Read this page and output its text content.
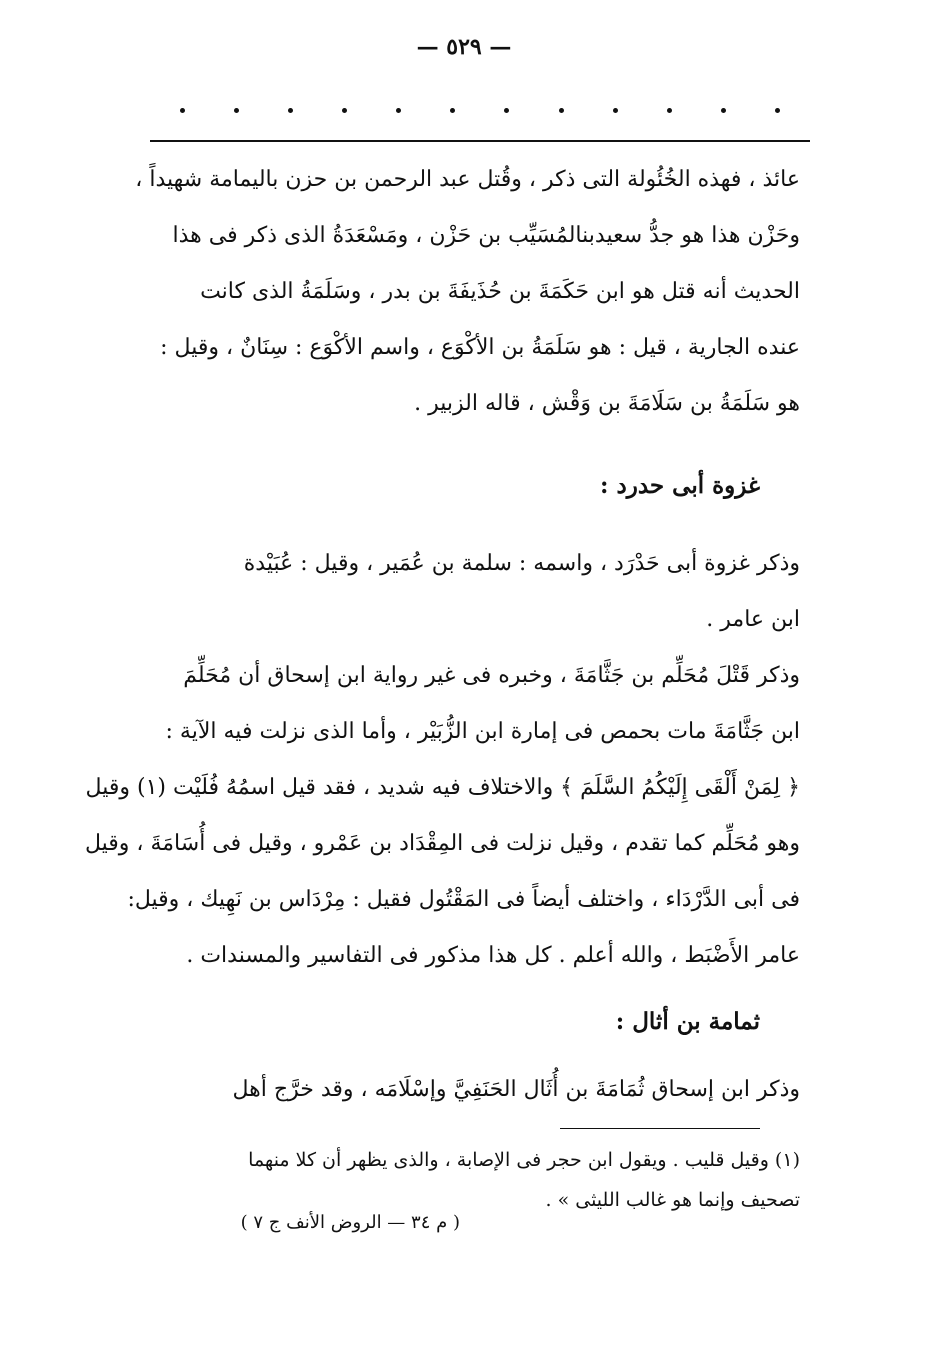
— ٥٢٩ —
عائذ ، فهذه الخُئُولة التى ذكر ، وقُتل عبد الرحمن بن حزن باليمامة شهيداً ،
وحَزْن هذا هو جدُّ سعيدبنالمُسَيِّب بن حَزْن ، ومَسْعَدَةُ الذى ذكر فى هذا
الحديث أنه قتل هو ابن حَكَمَةَ بن حُذَيفَةَ بن بدر ، وسَلَمَةُ الذى كانت
عنده الجارية ، قيل : هو سَلَمَةُ بن الأكْوَع ، واسم الأكْوَع : سِنَانٌ ، وقيل :
هو سَلَمَةُ بن سَلَامَةَ بن وَقْش ، قاله الزبير .
غزوة أبى حدرد :
وذكر غزوة أبى حَدْرَد ، واسمه : سلمة بن عُمَير ، وقيل : عُبَيْدة
ابن عامر .
وذكر قَتْلَ مُحَلِّم بن جَثَّامَةَ ، وخبره فى غير رواية ابن إسحاق أن مُحَلِّمَ
ابن جَثَّامَةَ مات بحمص فى إمارة ابن الزُّبَيْر ، وأما الذى نزلت فيه الآية :
﴿ لِمَنْ أَلْقَى إِلَيْكُمُ السَّلَمَ ﴾ والاختلاف فيه شديد ، فقد قيل اسمُهُ فُلَيْت (١) وقيل
وهو مُحَلِّم كما تقدم ، وقيل نزلت فى المِقْدَاد بن عَمْرو ، وقيل فى أُسَامَةَ ، وقيل
فى أبى الدَّرْدَاء ، واختلف أيضاً فى المَقْتُول فقيل : مِرْدَاس بن نَهِيك ، وقيل:
عامر الأَضْبَط ، والله أعلم . كل هذا مذكور فى التفاسير والمسندات .
ثمامة بن أثال :
وذكر ابن إسحاق ثُمَامَةَ بن أُثَال الحَنَفِيَّ وإسْلَامَه ، وقد خرَّج أهل
(١) وقيل قليب . ويقول ابن حجر فى الإصابة ، والذى يظهر أن كلا منهما
تصحيف وإنما هو غالب الليثى » .
( م ٣٤ — الروض الأنف ج ٧ )
